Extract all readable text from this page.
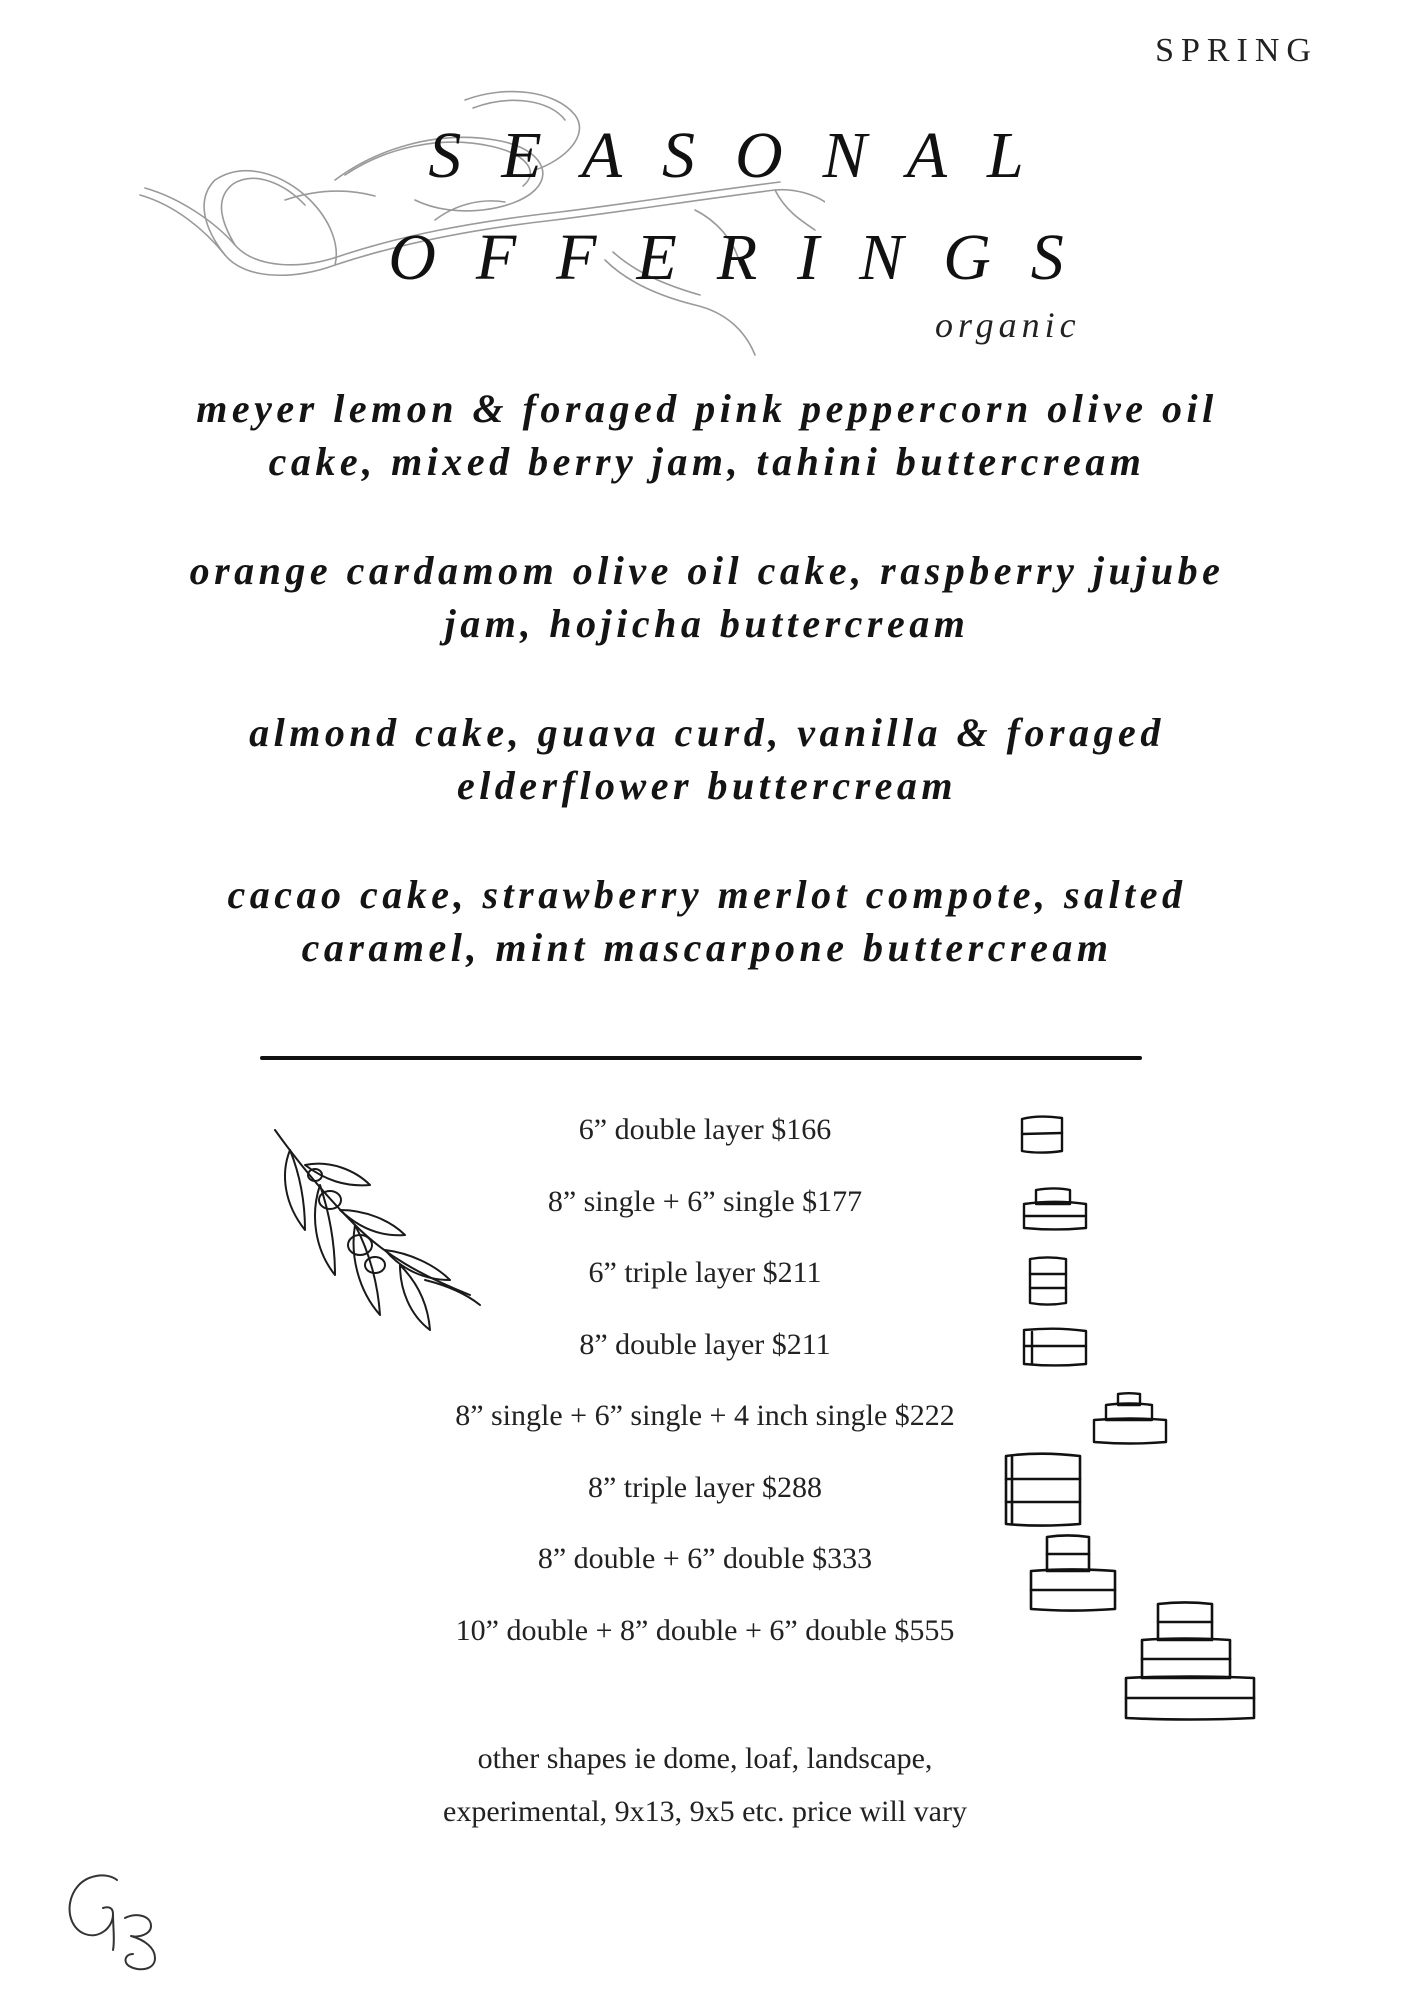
SPRING
SEASONAL
OFFERINGS
organic

meyer lemon & foraged pink peppercorn olive oil
cake, mixed berry jam, tahini buttercream

orange cardamom olive oil cake, raspberry jujube
jam, hojicha buttercream

almond cake, guava curd, vanilla & foraged
elderflower buttercream

cacao cake, strawberry merlot compote, salted
caramel, mint mascarpone buttercream

6” double layer $166
8” single + 6” single $177
6” triple layer $211
8” double layer $211
8” single + 6” single + 4 inch single $222
8” triple layer $288
8” double + 6” double $333
10” double + 8” double + 6” double $555
other shapes ie dome, loaf, landscape,
experimental, 9x13, 9x5 etc. price will vary
